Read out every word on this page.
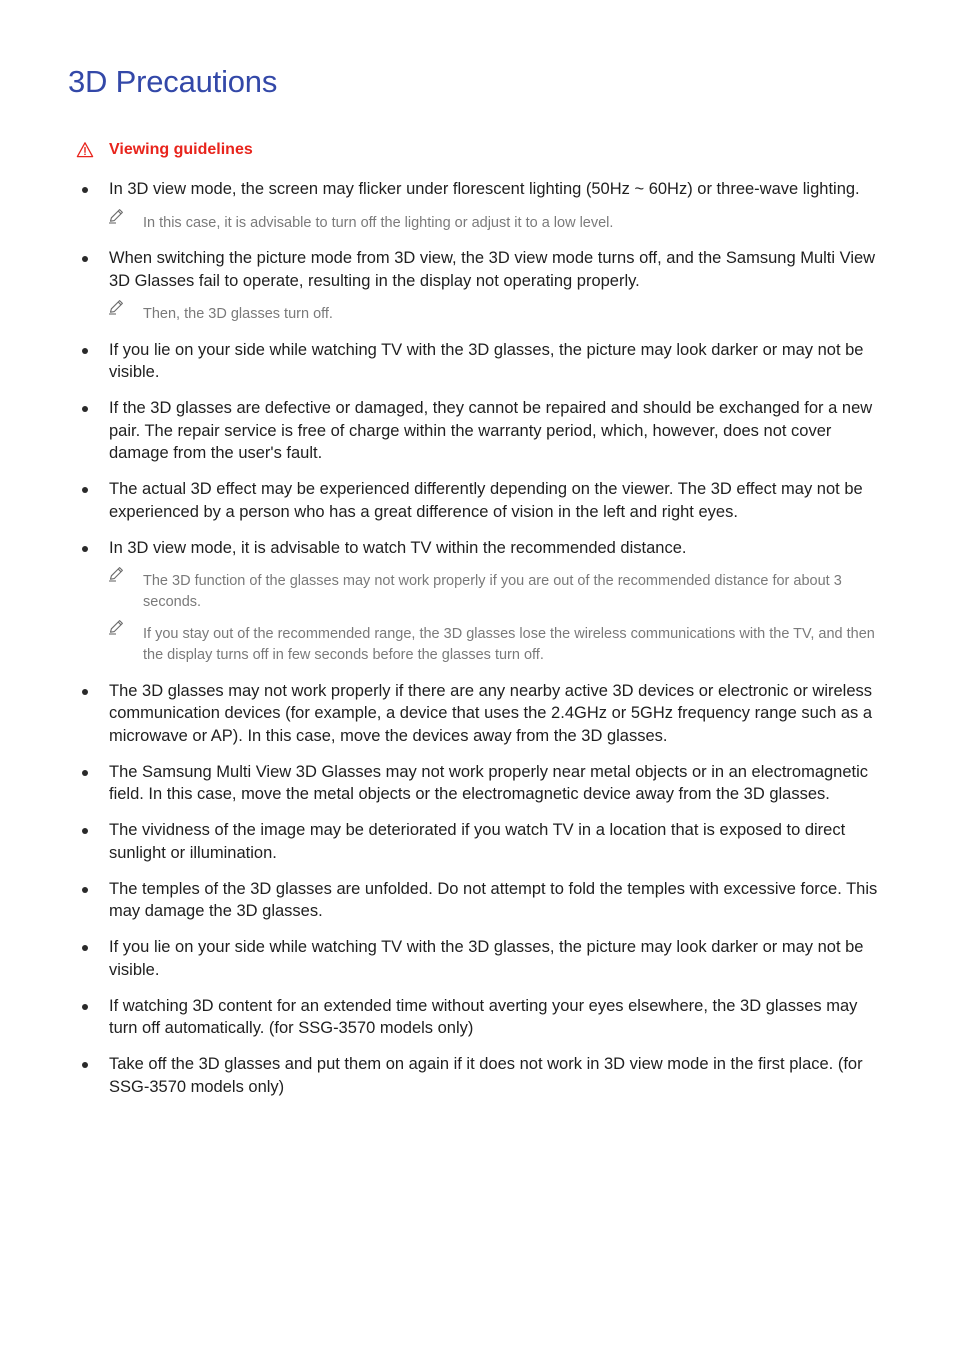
3D Precautions
Viewing guidelines
In 3D view mode, the screen may flicker under florescent lighting (50Hz ~ 60Hz) or three-wave lighting.
In this case, it is advisable to turn off the lighting or adjust it to a low level.
When switching the picture mode from 3D view, the 3D view mode turns off, and the Samsung Multi View 3D Glasses fail to operate, resulting in the display not operating properly.
Then, the 3D glasses turn off.
If you lie on your side while watching TV with the 3D glasses, the picture may look darker or may not be visible.
If the 3D glasses are defective or damaged, they cannot be repaired and should be exchanged for a new pair. The repair service is free of charge within the warranty period, which, however, does not cover damage from the user's fault.
The actual 3D effect may be experienced differently depending on the viewer. The 3D effect may not be experienced by a person who has a great difference of vision in the left and right eyes.
In 3D view mode, it is advisable to watch TV within the recommended distance.
The 3D function of the glasses may not work properly if you are out of the recommended distance for about 3 seconds.
If you stay out of the recommended range, the 3D glasses lose the wireless communications with the TV, and then the display turns off in few seconds before the glasses turn off.
The 3D glasses may not work properly if there are any nearby active 3D devices or electronic or wireless communication devices (for example, a device that uses the 2.4GHz or 5GHz frequency range such as a microwave or AP). In this case, move the devices away from the 3D glasses.
The Samsung Multi View 3D Glasses may not work properly near metal objects or in an electromagnetic field. In this case, move the metal objects or the electromagnetic device away from the 3D glasses.
The vividness of the image may be deteriorated if you watch TV in a location that is exposed to direct sunlight or illumination.
The temples of the 3D glasses are unfolded. Do not attempt to fold the temples with excessive force. This may damage the 3D glasses.
If you lie on your side while watching TV with the 3D glasses, the picture may look darker or may not be visible.
If watching 3D content for an extended time without averting your eyes elsewhere, the 3D glasses may turn off automatically. (for SSG-3570 models only)
Take off the 3D glasses and put them on again if it does not work in 3D view mode in the first place. (for SSG-3570 models only)
